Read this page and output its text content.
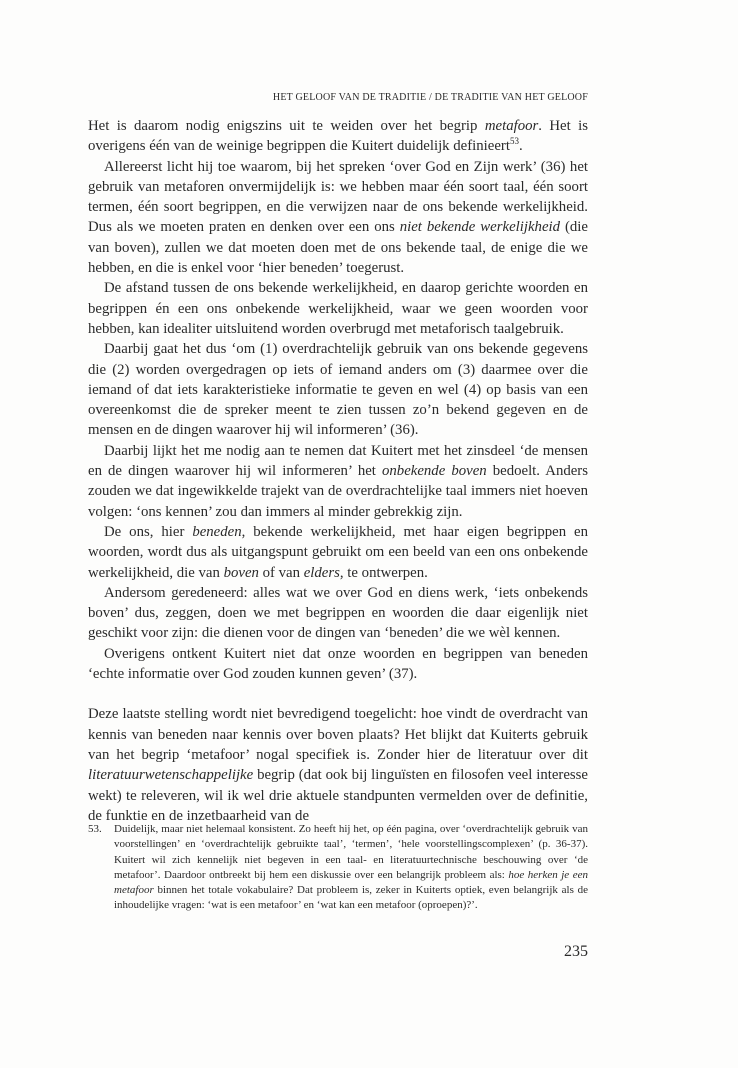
HET GELOOF VAN DE TRADITIE / DE TRADITIE VAN HET GELOOF

Het is daarom nodig enigszins uit te weiden over het begrip metafoor. Het is overigens één van de weinige begrippen die Kuitert duidelijk definieert$^{53}$.

Allereerst licht hij toe waarom, bij het spreken ‘over God en Zijn werk’ (36) het gebruik van metaforen onvermijdelijk is: we hebben maar één soort taal, één soort termen, één soort begrippen, en die verwijzen naar de ons bekende werkelijkheid. Dus als we moeten praten en denken over een ons niet bekende werkelijkheid (die van boven), zullen we dat moeten doen met de ons bekende taal, de enige die we hebben, en die is enkel voor ‘hier beneden’ toegerust.

De afstand tussen de ons bekende werkelijkheid, en daarop gerichte woorden en begrippen én een ons onbekende werkelijkheid, waar we geen woorden voor hebben, kan idealiter uitsluitend worden overbrugd met metaforisch taalgebruik.

Daarbij gaat het dus ‘om (1) overdrachtelijk gebruik van ons bekende gegevens die (2) worden overgedragen op iets of iemand anders om (3) daarmee over die iemand of dat iets karakteristieke informatie te geven en wel (4) op basis van een overeenkomst die de spreker meent te zien tussen zo’n bekend gegeven en de mensen en de dingen waarover hij wil informeren’ (36).

Daarbij lijkt het me nodig aan te nemen dat Kuitert met het zinsdeel ‘de mensen en de dingen waarover hij wil informeren’ het onbekende boven bedoelt. Anders zouden we dat ingewikkelde trajekt van de overdrachtelijke taal immers niet hoeven volgen: ‘ons kennen’ zou dan immers al minder gebrekkig zijn.

De ons, hier beneden, bekende werkelijkheid, met haar eigen begrippen en woorden, wordt dus als uitgangspunt gebruikt om een beeld van een ons onbekende werkelijkheid, die van boven of van elders, te ontwerpen.

Andersom geredeneerd: alles wat we over God en diens werk, ‘iets onbekends boven’ dus, zeggen, doen we met begrippen en woorden die daar eigenlijk niet geschikt voor zijn: die dienen voor de dingen van ‘beneden’ die we wèl kennen.

Overigens ontkent Kuitert niet dat onze woorden en begrippen van beneden ‘echte informatie over God zouden kunnen geven’ (37).

Deze laatste stelling wordt niet bevredigend toegelicht: hoe vindt de overdracht van kennis van beneden naar kennis over boven plaats? Het blijkt dat Kuiterts gebruik van het begrip ‘metafoor’ nogal specifiek is. Zonder hier de literatuur over dit literatuurwetenschappelijke begrip (dat ook bij linguïsten en filosofen veel interesse wekt) te releveren, wil ik wel drie aktuele standpunten vermelden over de definitie, de funktie en de inzetbaarheid van de

53. Duidelijk, maar niet helemaal konsistent. Zo heeft hij het, op één pagina, over ‘overdrachtelijk gebruik van voorstellingen’ en ‘overdrachtelijk gebruikte taal’, ‘termen’, ‘hele voorstellingscomplexen’ (p. 36-37). Kuitert wil zich kennelijk niet begeven in een taal- en literatuurtechnische beschouwing over ‘de metafoor’. Daardoor ontbreekt bij hem een diskussie over een belangrijk probleem als: hoe herken je een metafoor binnen het totale vokabulaire? Dat probleem is, zeker in Kuiterts optiek, even belangrijk als de inhoudelijke vragen: ‘wat is een metafoor’ en ‘wat kan een metafoor (oproepen)?’.
235
